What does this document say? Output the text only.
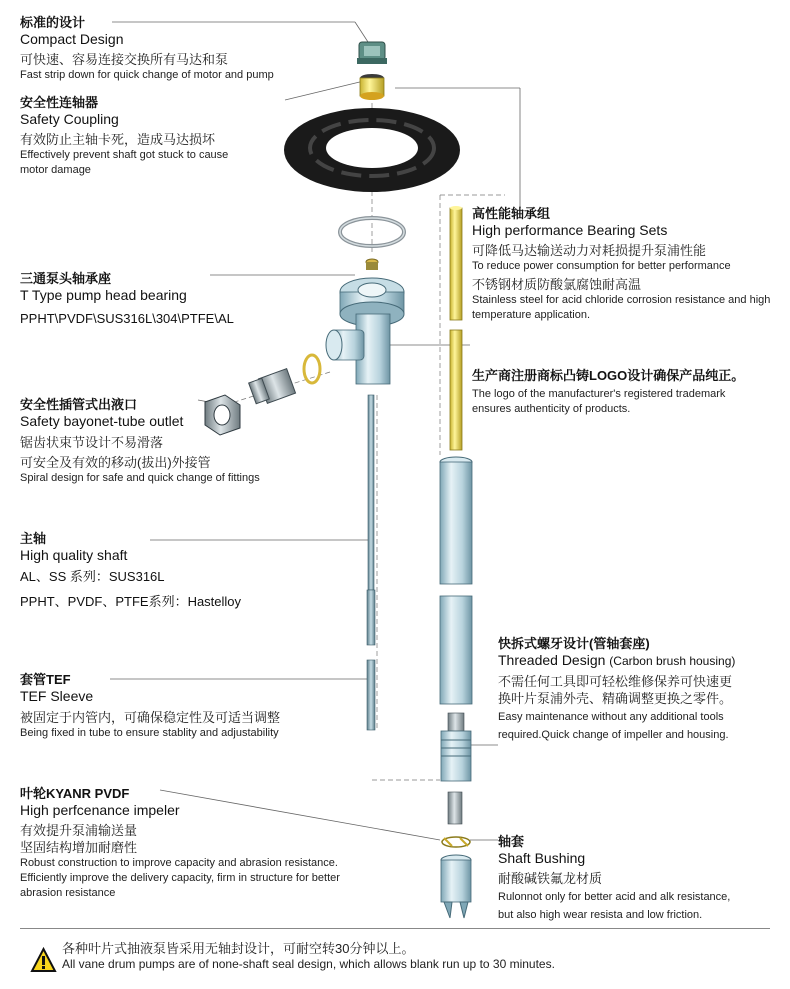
标准的设计
Compact Design
可快速、容易连接交换所有马达和泵
Fast strip down for quick change of motor and pump
安全性连轴器
Safety Coupling
有效防止主轴卡死，造成马达损坏
Effectively prevent shaft got stuck to cause
motor damage
高性能轴承组
High performance Bearing Sets
可降低马达输送动力对耗损提升泵浦性能
To reduce power consumption for better performance
不锈钢材质防酸氯腐蚀耐高温
Stainless steel for acid chloride corrosion resistance and high
temperature application.
三通泵头轴承座
T Type pump head bearing
PPHT\PVDF\SUS316L\304\PTFE\AL
生产商注册商标凸铸LOGO设计确保产品纯正。
The logo of the manufacturer's registered trademark
ensures authenticity of products.
安全性插管式出液口
Safety bayonet-tube outlet
锯齿状束节设计不易滑落
可安全及有效的移动(拔出)外接管
Spiral design for safe and quick change of fittings
主轴
High quality shaft
AL、SS 系列：SUS316L
PPHT、PVDF、PTFE系列：Hastelloy
快拆式螺牙设计(管轴套座)
Threaded Design (Carbon brush housing)
不需任何工具即可轻松维修保养可快速更
换叶片泵浦外壳、精确调整更换之零件。
Easy maintenance without any additional tools
required.Quick change of impeller and housing.
套管TEF
TEF Sleeve
被固定于内管内，可确保稳定性及可适当调整
Being fixed in tube to ensure stablity and adjustability
叶轮KYANR PVDF
High perfcenance impeler
有效提升泵浦输送量
坚固结构增加耐磨性
Robust construction to improve capacity and abrasion resistance.
Efficiently improve the delivery capacity, firm in structure for better
abrasion resistance
轴套
Shaft Bushing
耐酸碱铁氟龙材质
Rulonnot only for better acid and alk resistance,
but also high wear resista and low friction.
各种叶片式抽液泵皆采用无轴封设计，可耐空转30分钟以上。
All vane drum pumps are of none-shaft seal design, which allows blank run up to 30 minutes.
